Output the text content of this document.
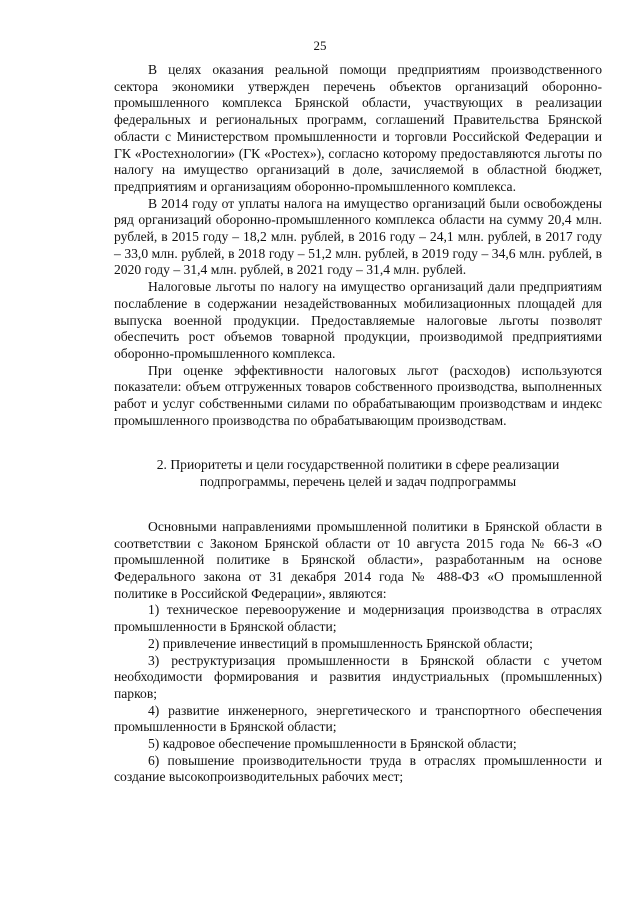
25

В целях оказания реальной помощи предприятиям производственного сектора экономики утвержден перечень объектов организаций оборонно-промышленного комплекса Брянской области, участвующих в реализации федеральных и региональных программ, соглашений Правительства Брянской области с Министерством промышленности и торговли Российской Федерации и ГК «Ростехнологии» (ГК «Ростех»), согласно которому предоставляются льготы по налогу на имущество организаций в доле, зачисляемой в областной бюджет, предприятиям и организациям оборонно-промышленного комплекса.

В 2014 году от уплаты налога на имущество организаций были освобождены ряд организаций оборонно-промышленного комплекса области на сумму 20,4 млн. рублей, в 2015 году – 18,2 млн. рублей, в 2016 году – 24,1 млн. рублей, в 2017 году – 33,0 млн. рублей, в 2018 году – 51,2 млн. рублей, в 2019 году – 34,6 млн. рублей, в 2020 году – 31,4 млн. рублей, в 2021 году – 31,4 млн. рублей.

Налоговые льготы по налогу на имущество организаций дали предприятиям послабление в содержании незадействованных мобилизационных площадей для выпуска военной продукции. Предоставляемые налоговые льготы позволят обеспечить рост объемов товарной продукции, производимой предприятиями оборонно-промышленного комплекса.

При оценке эффективности налоговых льгот (расходов) используются показатели: объем отгруженных товаров собственного производства, выполненных работ и услуг собственными силами по обрабатывающим производствам и индекс промышленного производства по обрабатывающим производствам.

2. Приоритеты и цели государственной политики в сфере реализации
подпрограммы, перечень целей и задач подпрограммы

Основными направлениями промышленной политики в Брянской области в соответствии с Законом Брянской области от 10 августа 2015 года № 66-З «О промышленной политике в Брянской области», разработанным на основе Федерального закона от 31 декабря 2014 года № 488-ФЗ «О промышленной политике в Российской Федерации», являются:

1) техническое перевооружение и модернизация производства в отраслях промышленности в Брянской области;

2) привлечение инвестиций в промышленность Брянской области;

3) реструктуризация промышленности в Брянской области с учетом необходимости формирования и развития индустриальных (промышленных) парков;

4) развитие инженерного, энергетического и транспортного обеспечения промышленности в Брянской области;

5) кадровое обеспечение промышленности в Брянской области;

6) повышение производительности труда в отраслях промышленности и создание высокопроизводительных рабочих мест;
